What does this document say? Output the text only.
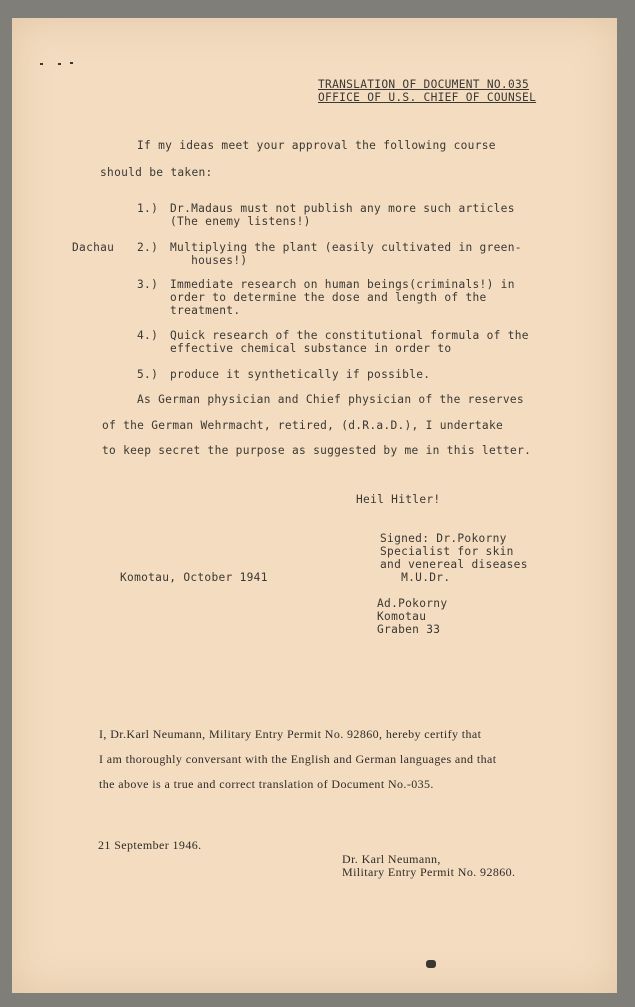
TRANSLATION OF DOCUMENT NO.035
OFFICE OF U.S. CHIEF OF COUNSEL
If my ideas meet your approval the following course
should be taken:
1.) Dr.Madaus must not publish any more such articles
(The enemy listens!)
Dachau 2.) Multiplying the plant (easily cultivated in green-
houses!)
3.) Immediate research on human beings(criminals!) in
order to determine the dose and length of the
treatment.
4.) Quick research of the constitutional formula of the
effective chemical substance in order to
5.) produce it synthetically if possible.
As German physician and Chief physician of the reserves
of the German Wehrmacht, retired, (d.R.a.D.), I undertake
to keep secret the purpose as suggested by me in this letter.
Heil Hitler!
Signed: Dr.Pokorny
Specialist for skin
and venereal diseases
M.U.Dr.
Komotau, October 1941
Ad.Pokorny
Komotau
Graben 33
I, Dr.Karl Neumann, Military Entry Permit No. 92860, hereby certify that
I am thoroughly conversant with the English and German languages and that
the above is a true and correct translation of Document No.-035.
21 September 1946.
Dr. Karl Neumann,
Military Entry Permit No. 92860.
